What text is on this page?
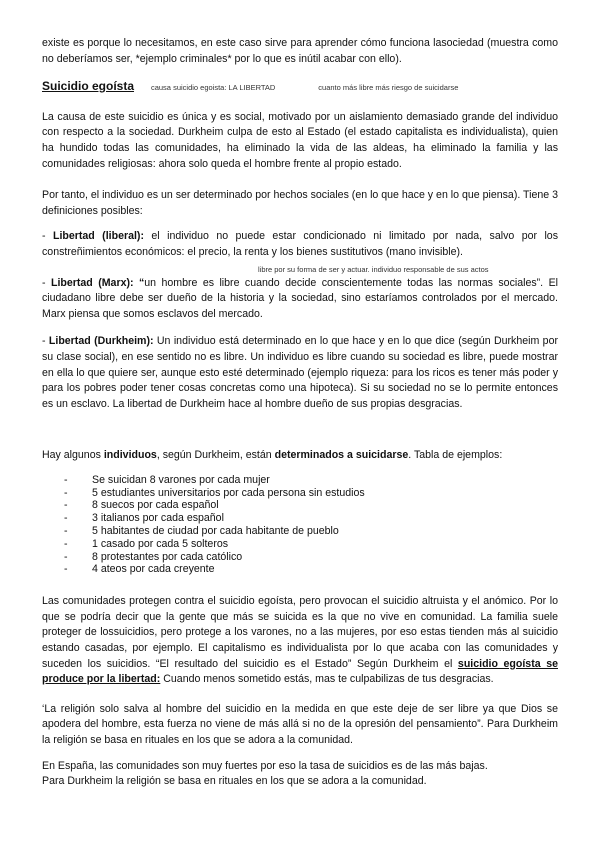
existe es porque lo necesitamos, en este caso sirve para aprender cómo funciona lasociedad (muestra como no deberíamos ser, *ejemplo criminales* por lo que es inútil acabar con ello).
Suicidio egoísta causa suicidio egoista: LA LIBERTAD	cuanto más libre más riesgo de suicidarse
La causa de este suicidio es única y es social, motivado por un aislamiento demasiado grande del individuo con respecto a la sociedad. Durkheim culpa de esto al Estado (el estado capitalista es individualista), quien ha hundido todas las comunidades, ha eliminado la vida de las aldeas, ha eliminado la familia y las comunidades religiosas: ahora solo queda el hombre frente al propio estado.
Por tanto, el individuo es un ser determinado por hechos sociales (en lo que hace y en lo que piensa). Tiene 3 definiciones posibles:
- Libertad (liberal): el individuo no puede estar condicionado ni limitado por nada, salvo por los constreñimientos económicos: el precio, la renta y los bienes sustitutivos (mano invisible).
libre por su forma de ser y actuar. individuo responsable de sus actos
- Libertad (Marx): “un hombre es libre cuando decide conscientemente todas las normas sociales”. El ciudadano libre debe ser dueño de la historia y la sociedad, sino estaríamos controlados por el mercado. Marx piensa que somos esclavos del mercado.
- Libertad (Durkheim): Un individuo está determinado en lo que hace y en lo que dice (según Durkheim por su clase social), en ese sentido no es libre. Un individuo es libre cuando su sociedad es libre, puede mostrar en ella lo que quiere ser, aunque esto esté determinado (ejemplo riqueza: para los ricos es tener más poder y para los pobres poder tener cosas concretas como una hipoteca). Si su sociedad no se lo permite entonces es un esclavo. La libertad de Durkheim hace al hombre dueño de sus propias desgracias.
Hay algunos individuos, según Durkheim, están determinados a suicidarse. Tabla de ejemplos:
- Se suicidan 8 varones por cada mujer
- 5 estudiantes universitarios por cada persona sin estudios
- 8 suecos por cada español
- 3 italianos por cada español
- 5 habitantes de ciudad por cada habitante de pueblo
- 1 casado por cada 5 solteros
- 8 protestantes por cada católico
- 4 ateos por cada creyente
Las comunidades protegen contra el suicidio egoísta, pero provocan el suicidio altruista y el anómico. Por lo que se podría decir que la gente que más se suicida es la que no vive en comunidad. La familia suele proteger de lossuicidios, pero protege a los varones, no a las mujeres, por eso estas tienden más al suicidio estando casadas, por ejemplo. El capitalismo es individualista por lo que acaba con las comunidades y suceden los suicidios. “El resultado del suicidio es el Estado” Según Durkheim el suicidio egoísta se produce por la libertad: Cuando menos sometido estás, mas te culpabilizas de tus desgracias.
‘La religión solo salva al hombre del suicidio en la medida en que este deje de ser libre ya que Dios se apodera del hombre, esta fuerza no viene de más allá si no de la opresión del pensamiento”. Para Durkheim la religión se basa en rituales en los que se adora a la comunidad.
En España, las comunidades son muy fuertes por eso la tasa de suicidios es de las más bajas.
Para Durkheim la religión se basa en rituales en los que se adora a la comunidad.
